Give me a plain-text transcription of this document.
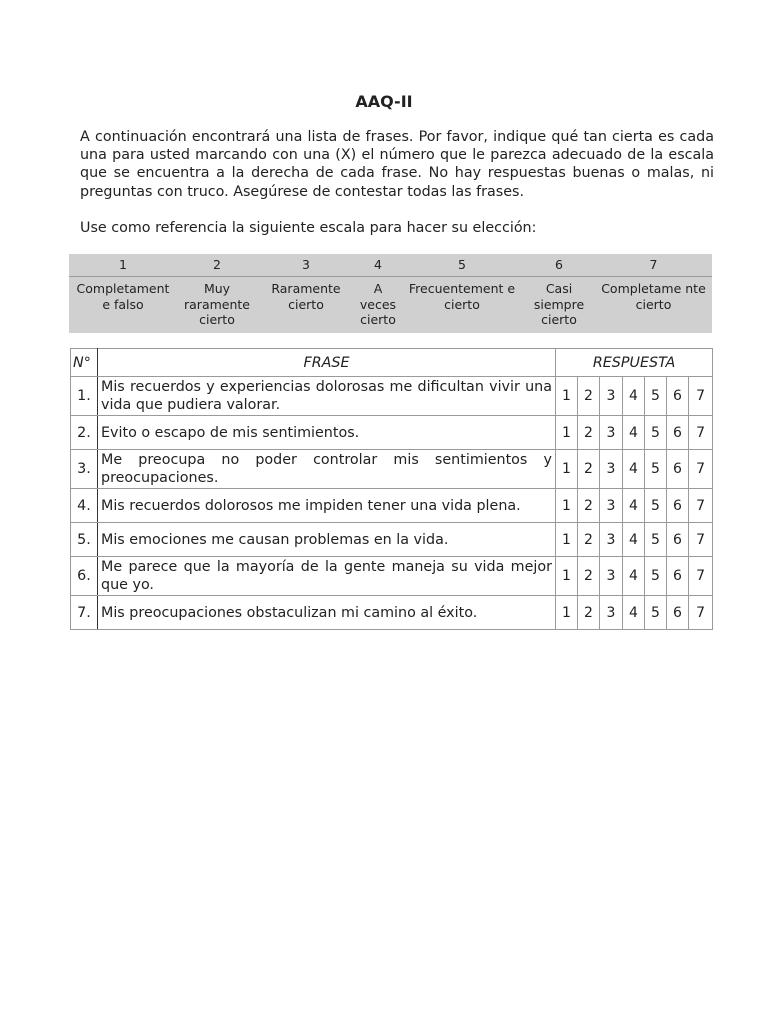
AAQ-II

A continuación encontrará una lista de frases. Por favor, indique qué tan cierta es cada una para usted marcando con una (X) el número que le parezca adecuado de la escala que se encuentra a la derecha de cada frase. No hay respuestas buenas o malas, ni preguntas con truco. Asegúrese de contestar todas las frases.

Use como referencia la siguiente escala para hacer su elección:

1	2	3	4	5	6	7
Completament e falso	Muy raramente cierto	Raramente cierto	A veces cierto	Frecuentement e cierto	Casi siempre cierto	Completame nte cierto
N°	FRASE	RESPUESTA						
1.	Mis recuerdos y experiencias dolorosas me dificultan vivir una vida que pudiera valorar.	1	2	3	4	5	6	7
2.	Evito o escapo de mis sentimientos.	1	2	3	4	5	6	7
3.	Me preocupa no poder controlar mis sentimientos y preocupaciones.	1	2	3	4	5	6	7
4.	Mis recuerdos dolorosos me impiden tener una vida plena.	1	2	3	4	5	6	7
5.	Mis emociones me causan problemas en la vida.	1	2	3	4	5	6	7
6.	Me parece que la mayoría de la gente maneja su vida mejor que yo.	1	2	3	4	5	6	7
7.	Mis preocupaciones obstaculizan mi camino al éxito.	1	2	3	4	5	6	7
